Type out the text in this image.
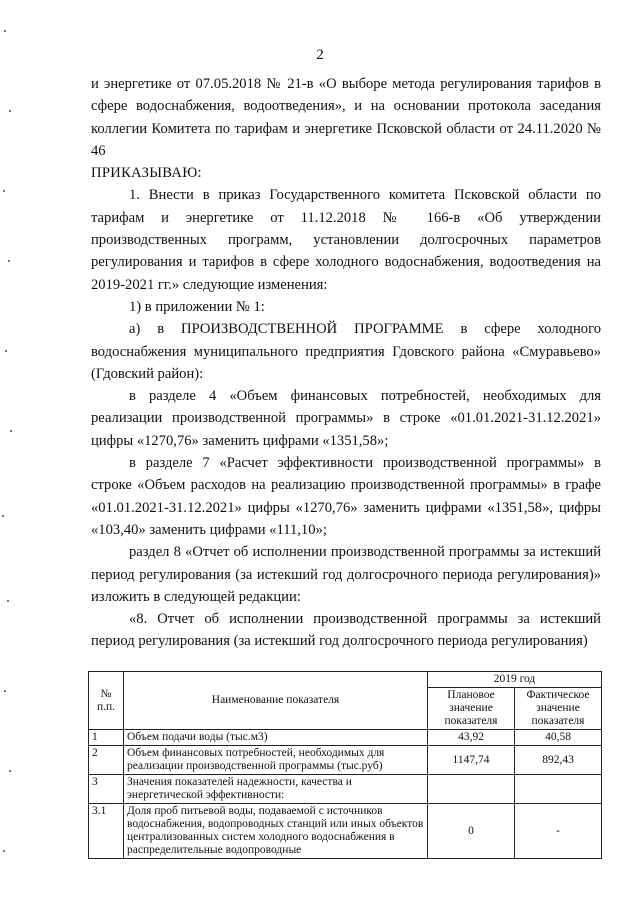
2

и энергетике от 07.05.2018 № 21-в «О выборе метода регулирования тарифов в сфере водоснабжения, водоотведения», и на основании протокола заседания коллегии Комитета по тарифам и энергетике Псковской области от 24.11.2020 № 46

ПРИКАЗЫВАЮ:

1. Внести в приказ Государственного комитета Псковской области по тарифам и энергетике от 11.12.2018 № 166-в «Об утверждении производственных программ, установлении долгосрочных параметров регулирования и тарифов в сфере холодного водоснабжения, водоотведения на 2019-2021 гг.» следующие изменения:

1) в приложении № 1:

а) в ПРОИЗВОДСТВЕННОЙ ПРОГРАММЕ в сфере холодного водоснабжения муниципального предприятия Гдовского района «Смуравьево» (Гдовский район):

в разделе 4 «Объем финансовых потребностей, необходимых для реализации производственной программы» в строке «01.01.2021-31.12.2021» цифры «1270,76» заменить цифрами «1351,58»;

в разделе 7 «Расчет эффективности производственной программы» в строке «Объем расходов на реализацию производственной программы» в графе «01.01.2021-31.12.2021» цифры «1270,76» заменить цифрами «1351,58», цифры «103,40» заменить цифрами «111,10»;

раздел 8 «Отчет об исполнении производственной программы за истекший период регулирования (за истекший год долгосрочного периода регулирования)» изложить в следующей редакции:

«8. Отчет об исполнении производственной программы за истекший период регулирования (за истекший год долгосрочного периода регулирования)

№ п.п.	Наименование показателя	2019 год	
		Плановое значение показателя	Фактическое значение показателя
1	Объем подачи воды (тыс.м3)	43,92	40,58
2	Объем финансовых потребностей, необходимых для реализации производственной программы (тыс.руб)	1147,74	892,43
3	Значения показателей надежности, качества и энергетической эффективности:		
3.1	Доля проб питьевой воды, подаваемой с источников водоснабжения, водопроводных станций или иных объектов централизованных систем холодного водоснабжения в распределительные водопроводные	0	-
